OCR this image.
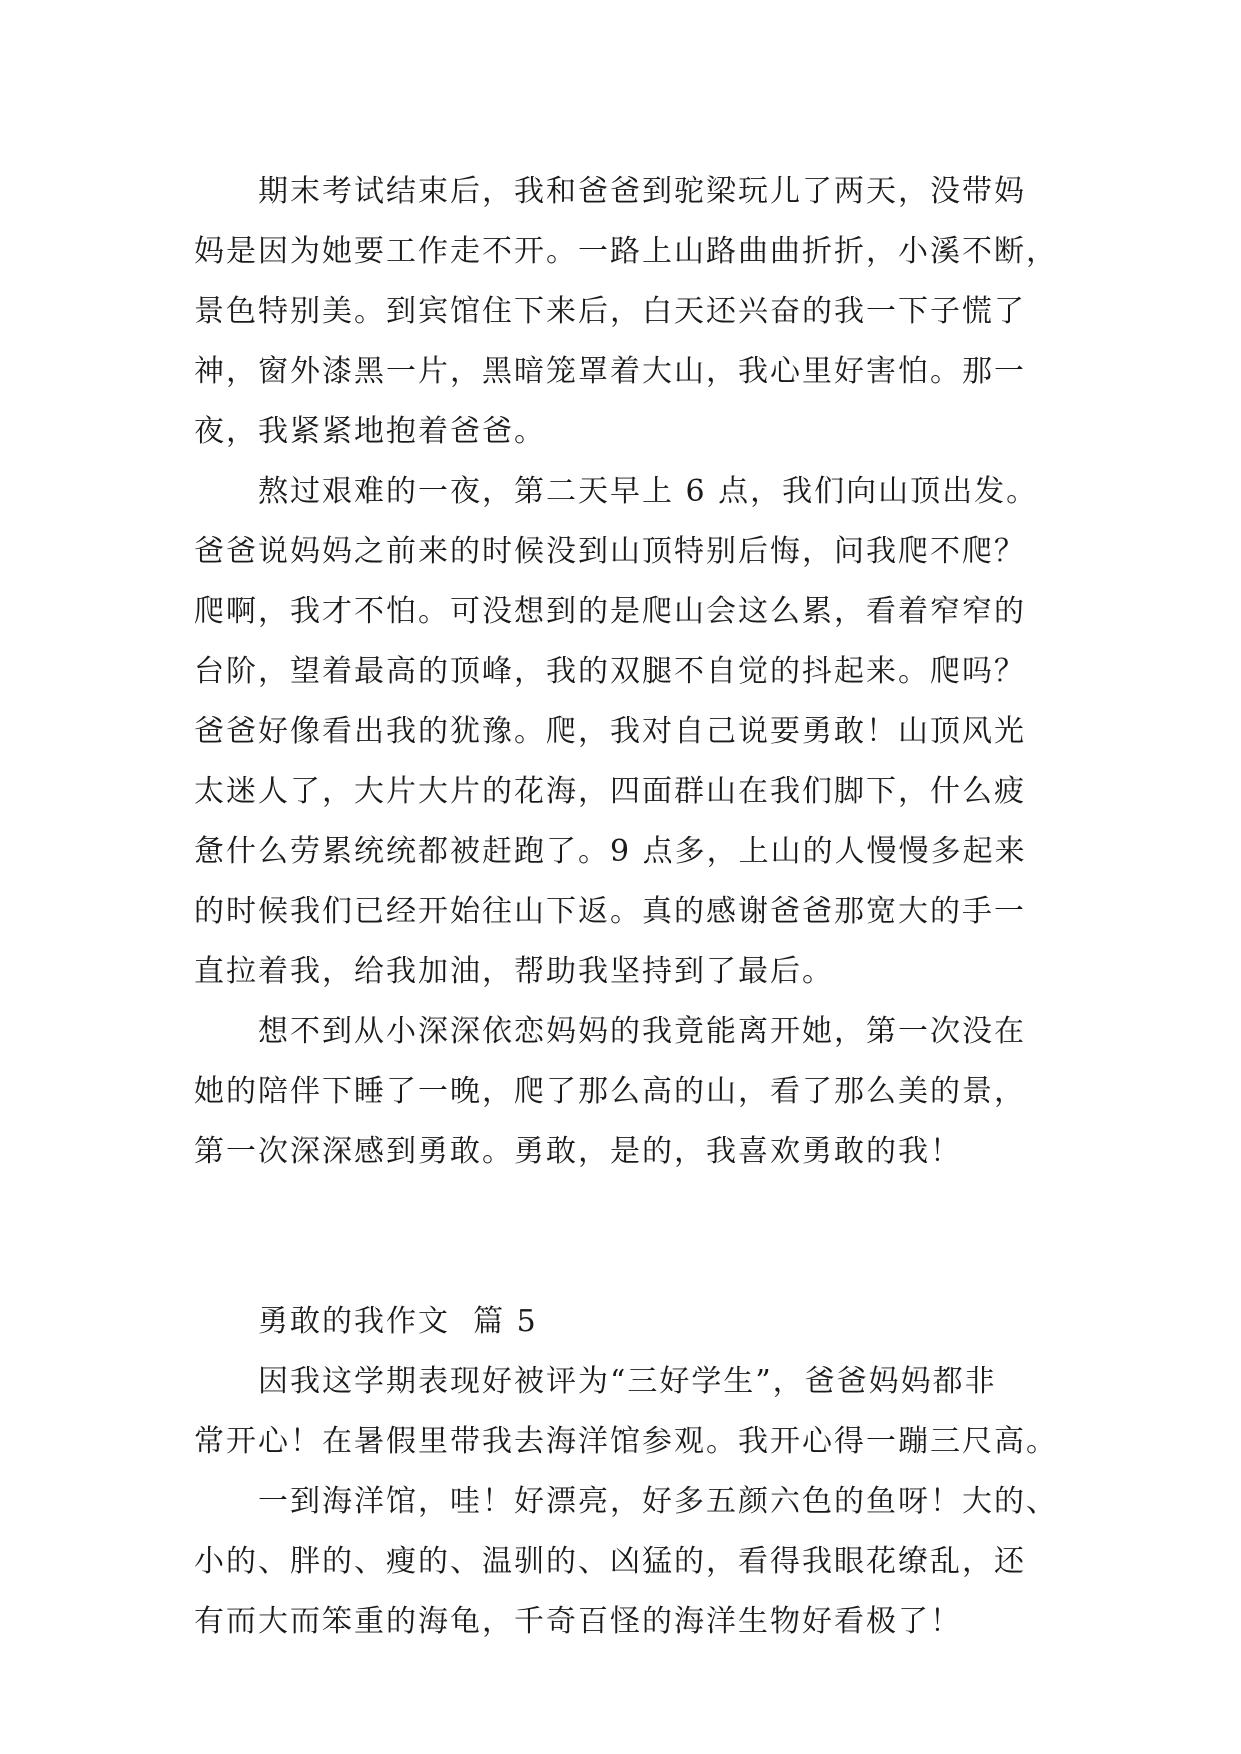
期末考试结束后，我和爸爸到驼梁玩儿了两天，没带妈
妈是因为她要工作走不开。一路上山路曲曲折折，小溪不断，
景色特别美。到宾馆住下来后，白天还兴奋的我一下子慌了
神，窗外漆黑一片，黑暗笼罩着大山，我心里好害怕。那一
夜，我紧紧地抱着爸爸。
熬过艰难的一夜，第二天早上 6 点，我们向山顶出发。
爸爸说妈妈之前来的时候没到山顶特别后悔，问我爬不爬？
爬啊，我才不怕。可没想到的是爬山会这么累，看着窄窄的
台阶，望着最高的顶峰，我的双腿不自觉的抖起来。爬吗？
爸爸好像看出我的犹豫。爬，我对自己说要勇敢！山顶风光
太迷人了，大片大片的花海，四面群山在我们脚下，什么疲
惫什么劳累统统都被赶跑了。9 点多，上山的人慢慢多起来
的时候我们已经开始往山下返。真的感谢爸爸那宽大的手一
直拉着我，给我加油，帮助我坚持到了最后。
想不到从小深深依恋妈妈的我竟能离开她，第一次没在
她的陪伴下睡了一晚，爬了那么高的山，看了那么美的景，
第一次深深感到勇敢。勇敢，是的，我喜欢勇敢的我！
勇敢的我作文  篇 5
因我这学期表现好被评为“三好学生”，爸爸妈妈都非
常开心！在暑假里带我去海洋馆参观。我开心得一蹦三尺高。
一到海洋馆，哇！好漂亮，好多五颜六色的鱼呀！大的、
小的、胖的、瘦的、温驯的、凶猛的，看得我眼花缭乱，还
有而大而笨重的海龟，千奇百怪的海洋生物好看极了！
